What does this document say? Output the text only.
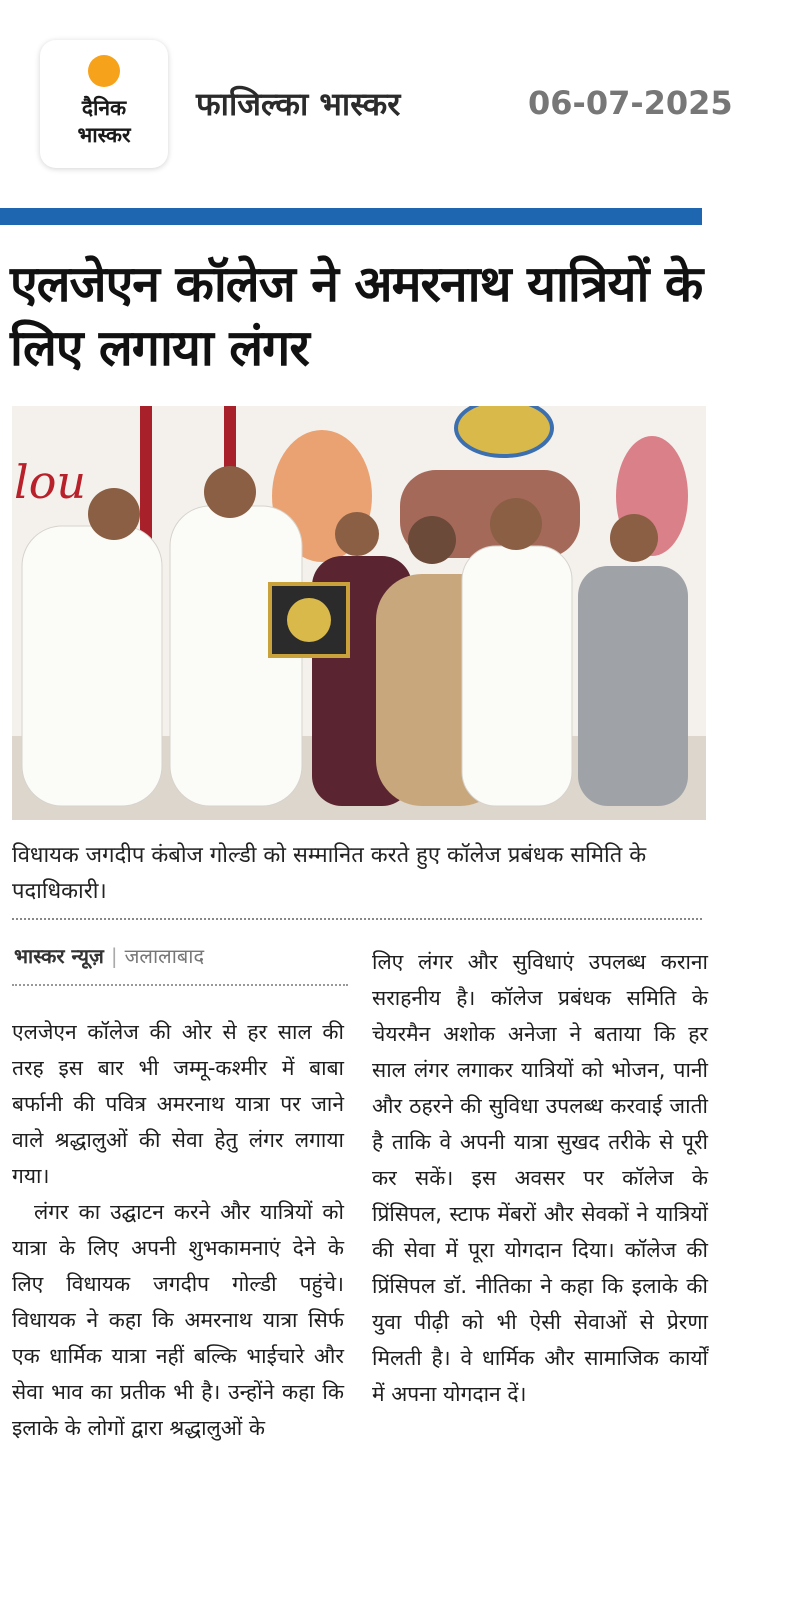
दैनिक
भास्कर
फाजिल्का भास्कर	06-07-2025
एलजेएन कॉलेज ने अमरनाथ यात्रियों के लिए लगाया लंगर
lou

विधायक जगदीप कंबोज गोल्डी को सम्मानित करते हुए कॉलेज प्रबंधक समिति के पदाधिकारी।

भास्कर न्यूज़ | जलालाबाद

एलजेएन कॉलेज की ओर से हर साल की तरह इस बार भी जम्मू-कश्मीर में बाबा बर्फानी की पवित्र अमरनाथ यात्रा पर जाने वाले श्रद्धालुओं की सेवा हेतु लंगर लगाया गया।

लंगर का उद्घाटन करने और यात्रियों को यात्रा के लिए अपनी शुभकामनाएं देने के लिए विधायक जगदीप गोल्डी पहुंचे। विधायक ने कहा कि अमरनाथ यात्रा सिर्फ एक धार्मिक यात्रा नहीं बल्कि भाईचारे और सेवा भाव का प्रतीक भी है। उन्होंने कहा कि इलाके के लोगों द्वारा श्रद्धालुओं के

लिए लंगर और सुविधाएं उपलब्ध कराना सराहनीय है। कॉलेज प्रबंधक समिति के चेयरमैन अशोक अनेजा ने बताया कि हर साल लंगर लगाकर यात्रियों को भोजन, पानी और ठहरने की सुविधा उपलब्ध करवाई जाती है ताकि वे अपनी यात्रा सुखद तरीके से पूरी कर सकें। इस अवसर पर कॉलेज के प्रिंसिपल, स्टाफ मेंबरों और सेवकों ने यात्रियों की सेवा में पूरा योगदान दिया। कॉलेज की प्रिंसिपल डॉ. नीतिका ने कहा कि इलाके की युवा पीढ़ी को भी ऐसी सेवाओं से प्रेरणा मिलती है। वे धार्मिक और सामाजिक कार्यों में अपना योगदान दें।
